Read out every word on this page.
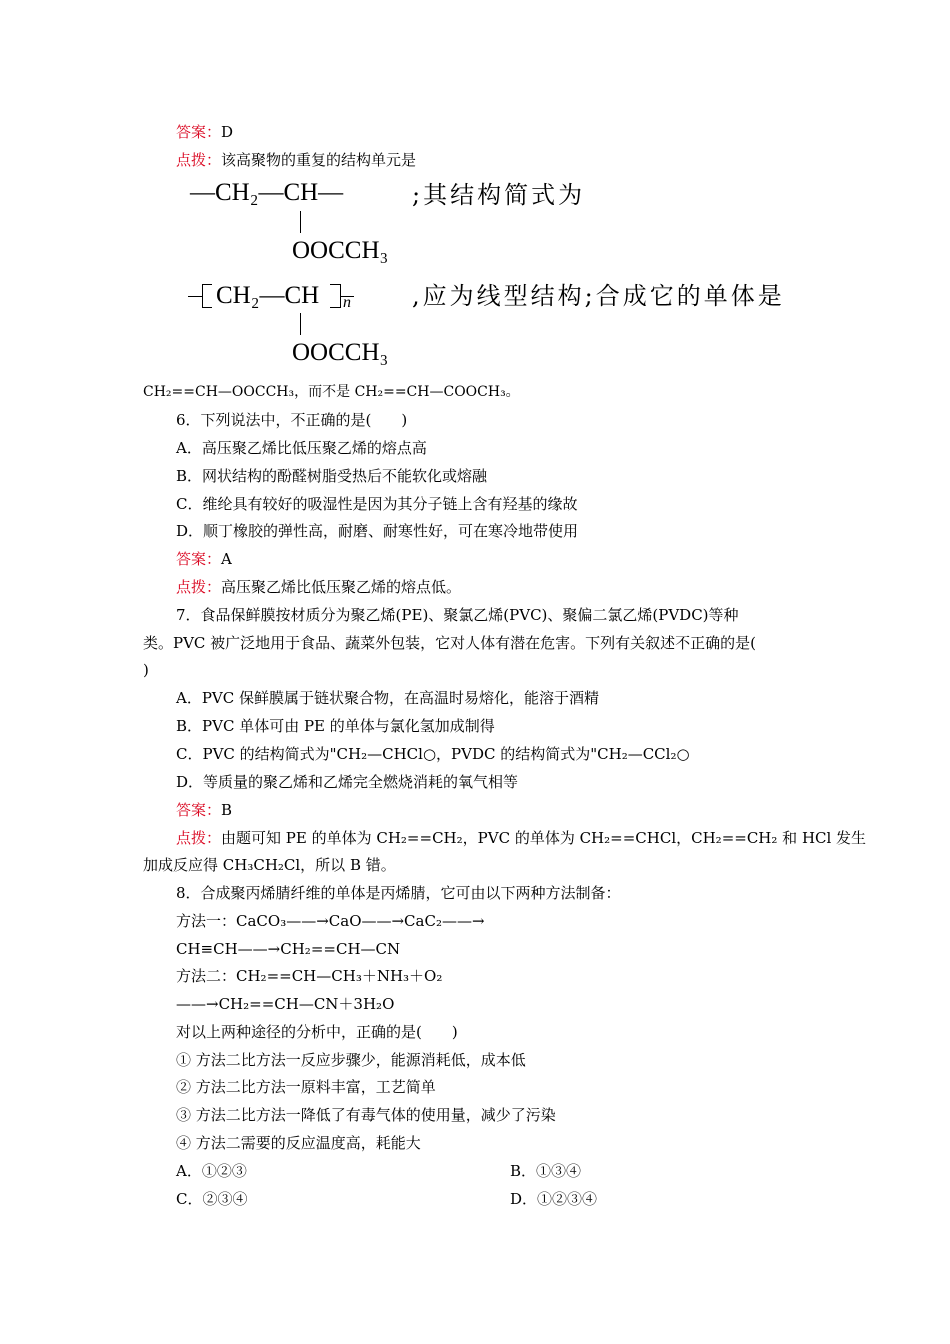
答案：D
点拨：该高聚物的重复的结构单元是
—CH₂—CH—
OOCCH₃
;其结构简式为
CH₂—CH n
OOCCH₃
,应为线型结构;合成它的单体是
CH₂==CH—OOCCH₃，而不是 CH₂==CH—COOCH₃。
6．下列说法中，不正确的是(　　)
A．高压聚乙烯比低压聚乙烯的熔点高
B．网状结构的酚醛树脂受热后不能软化或熔融
C．维纶具有较好的吸湿性是因为其分子链上含有羟基的缘故
D．顺丁橡胶的弹性高，耐磨、耐寒性好，可在寒冷地带使用
答案：A
点拨：高压聚乙烯比低压聚乙烯的熔点低。
7．食品保鲜膜按材质分为聚乙烯(PE)、聚氯乙烯(PVC)、聚偏二氯乙烯(PVDC)等种
类。PVC 被广泛地用于食品、蔬菜外包装，它对人体有潜在危害。下列有关叙述不正确的是(
)
A．PVC 保鲜膜属于链状聚合物，在高温时易熔化，能溶于酒精
B．PVC 单体可由 PE 的单体与氯化氢加成制得
C．PVC 的结构简式为"CH₂—CHCl○，PVDC 的结构简式为"CH₂—CCl₂○
D．等质量的聚乙烯和乙烯完全燃烧消耗的氧气相等
答案：B
点拨：由题可知 PE 的单体为 CH₂==CH₂，PVC 的单体为 CH₂==CHCl，CH₂==CH₂ 和 HCl 发生
加成反应得 CH₃CH₂Cl，所以 B 错。
8．合成聚丙烯腈纤维的单体是丙烯腈，它可由以下两种方法制备：
方法一：CaCO₃——→CaO——→CaC₂——→
CH≡CH——→CH₂==CH—CN
方法二：CH₂==CH—CH₃＋NH₃＋O₂
——→CH₂==CH—CN＋3H₂O
对以上两种途径的分析中，正确的是(　　)
① 方法二比方法一反应步骤少，能源消耗低，成本低
② 方法二比方法一原料丰富，工艺简单
③ 方法二比方法一降低了有毒气体的使用量，减少了污染
④ 方法二需要的反应温度高，耗能大
A．①②③	B．①③④
C．②③④	D．①②③④
